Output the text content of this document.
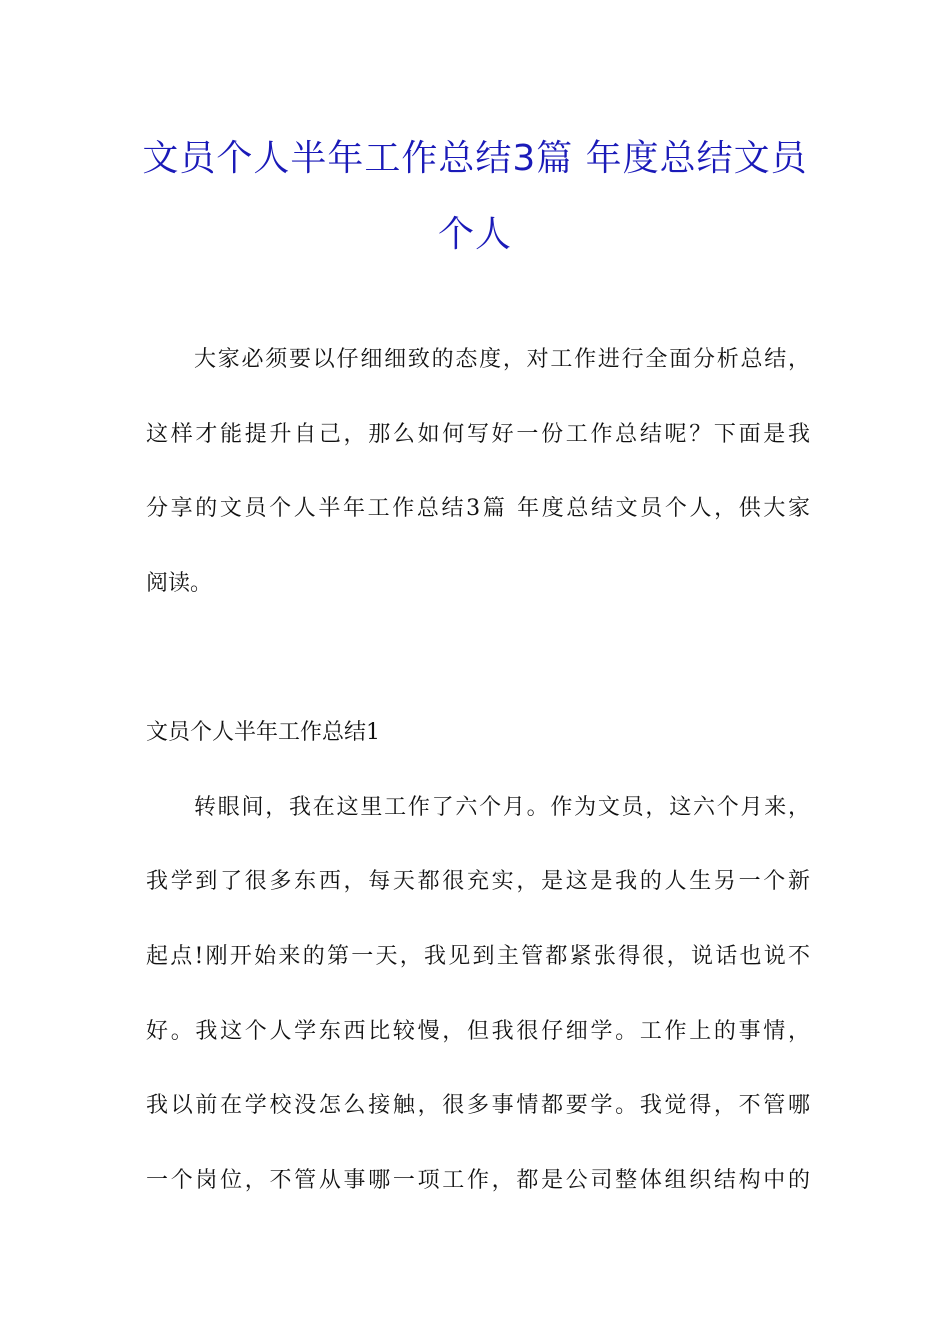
文员个人半年工作总结3篇 年度总结文员
个人

大家必须要以仔细细致的态度，对工作进行全面分析总结，

这样才能提升自己，那么如何写好一份工作总结呢？下面是我

分享的文员个人半年工作总结3篇 年度总结文员个人，供大家

阅读。

文员个人半年工作总结1

转眼间，我在这里工作了六个月。作为文员，这六个月来，

我学到了很多东西，每天都很充实，是这是我的人生另一个新

起点!刚开始来的第一天，我见到主管都紧张得很，说话也说不

好。我这个人学东西比较慢，但我很仔细学。工作上的事情，

我以前在学校没怎么接触，很多事情都要学。我觉得，不管哪

一个岗位，不管从事哪一项工作，都是公司整体组织结构中的
